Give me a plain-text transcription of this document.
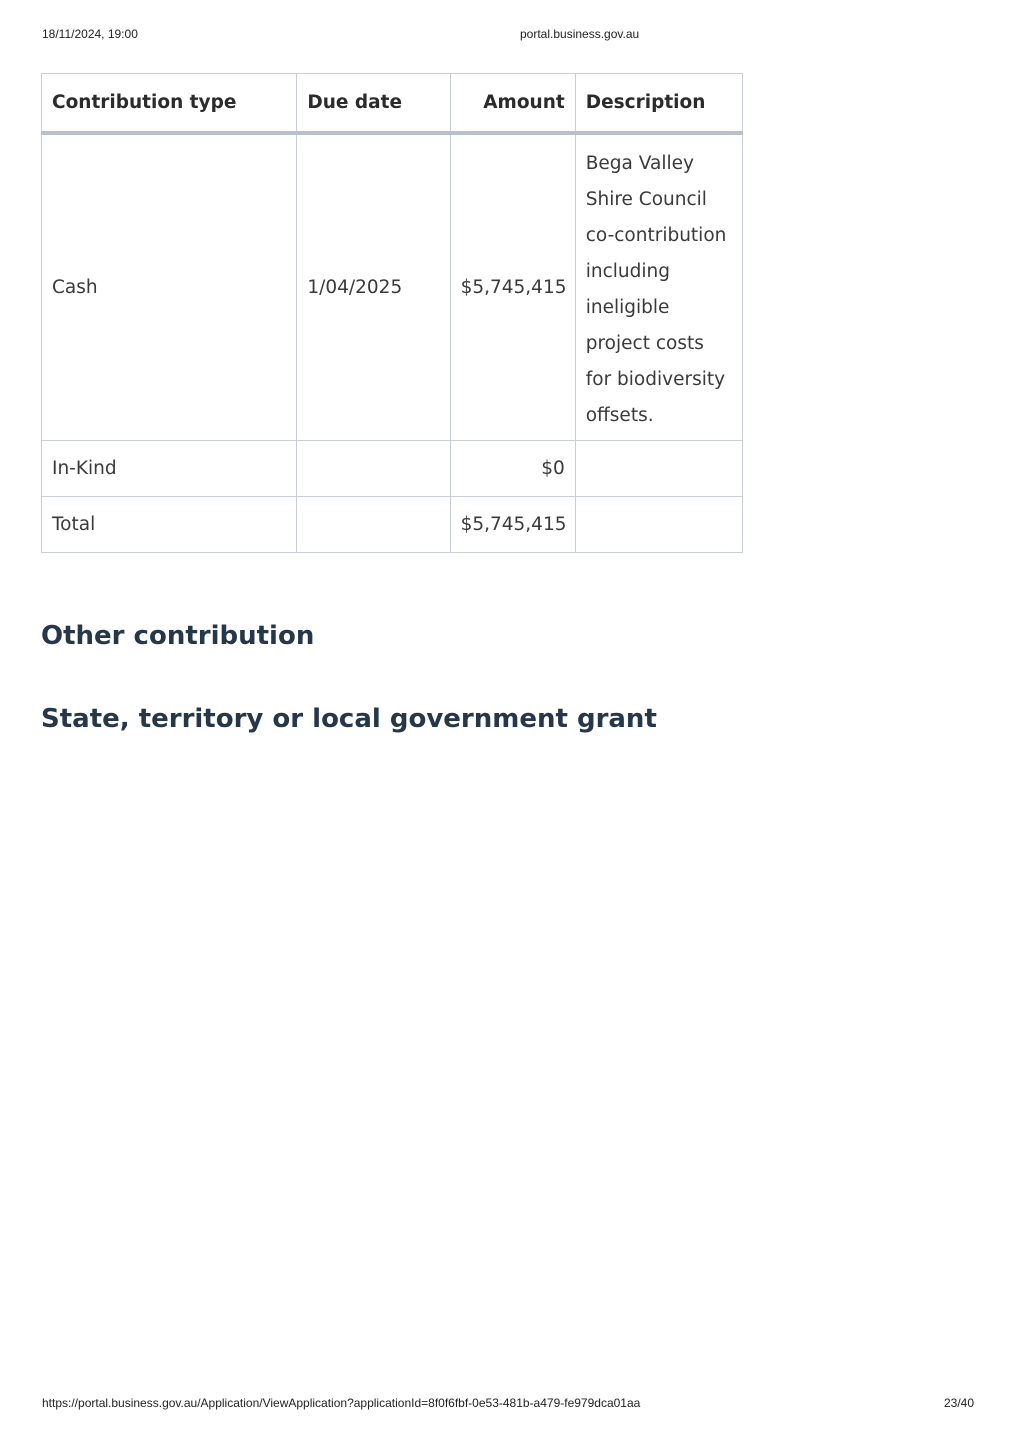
18/11/2024, 19:00	portal.business.gov.au
Contribution type	Due date	Amount	Description
Cash	1/04/2025	$5,745,415	Bega Valley Shire Council co-contribution including ineligible project costs for biodiversity offsets.
In-Kind		$0	
Total		$5,745,415	
Other contribution
State, territory or local government grant
https://portal.business.gov.au/Application/ViewApplication?applicationId=8f0f6fbf-0e53-481b-a479-fe979dca01aa	23/40
